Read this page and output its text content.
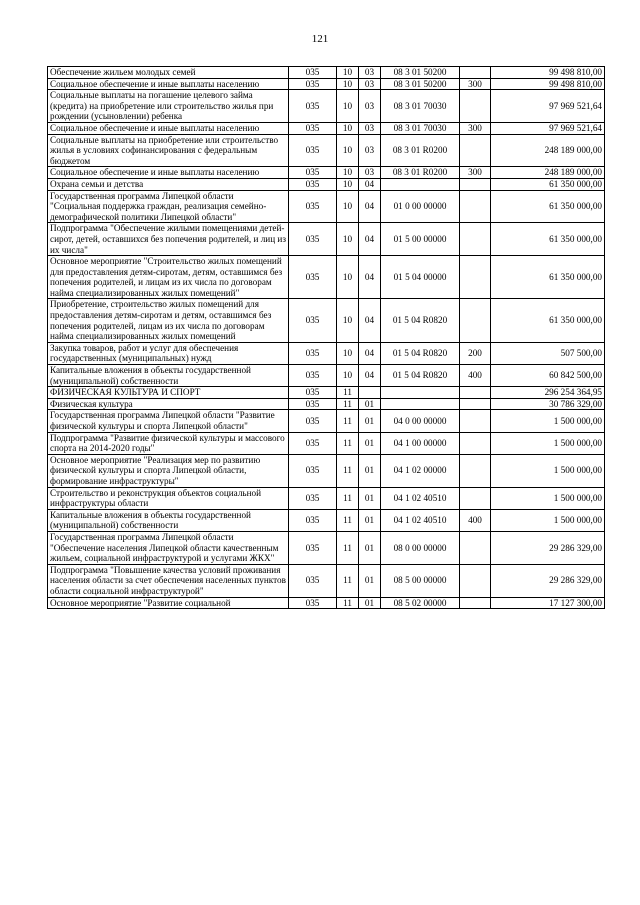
121
Обеспечение жильем молодых семей	035	10	03	08 3 01 50200		99 498 810,00
Социальное обеспечение и иные выплаты населению	035	10	03	08 3 01 50200	300	99 498 810,00
Социальные выплаты на погашение целевого займа (кредита) на приобретение или строительство жилья при рождении (усыновлении) ребенка	035	10	03	08 3 01 70030		97 969 521,64
Социальное обеспечение и иные выплаты населению	035	10	03	08 3 01 70030	300	97 969 521,64
Социальные выплаты на приобретение или строительство жилья в условиях софинансирования с федеральным бюджетом	035	10	03	08 3 01 R0200		248 189 000,00
Социальное обеспечение и иные выплаты населению	035	10	03	08 3 01 R0200	300	248 189 000,00
Охрана семьи и детства	035	10	04			61 350 000,00
Государственная программа Липецкой области "Социальная поддержка граждан, реализация семейно-демографической политики Липецкой области"	035	10	04	01 0 00 00000		61 350 000,00
Подпрограмма "Обеспечение жилыми помещениями детей-сирот, детей, оставшихся без попечения родителей, и лиц из их числа"	035	10	04	01 5 00 00000		61 350 000,00
Основное мероприятие "Строительство жилых помещений для предоставления детям-сиротам, детям, оставшимся без попечения родителей, и лицам из их числа по договорам найма специализированных жилых помещений"	035	10	04	01 5 04 00000		61 350 000,00
Приобретение, строительство жилых помещений для предоставления детям-сиротам и детям, оставшимся без попечения родителей, лицам из их числа по договорам найма специализированных жилых помещений	035	10	04	01 5 04 R0820		61 350 000,00
Закупка товаров, работ и услуг для обеспечения государственных (муниципальных) нужд	035	10	04	01 5 04 R0820	200	507 500,00
Капитальные вложения в объекты государственной (муниципальной) собственности	035	10	04	01 5 04 R0820	400	60 842 500,00
ФИЗИЧЕСКАЯ КУЛЬТУРА И СПОРТ	035	11				296 254 364,95
Физическая культура	035	11	01			30 786 329,00
Государственная программа Липецкой области "Развитие физической культуры и спорта Липецкой области"	035	11	01	04 0 00 00000		1 500 000,00
Подпрограмма "Развитие физической культуры и массового спорта на 2014-2020 годы"	035	11	01	04 1 00 00000		1 500 000,00
Основное мероприятие "Реализация мер по развитию физической культуры и спорта Липецкой области, формирование инфраструктуры"	035	11	01	04 1 02 00000		1 500 000,00
Строительство и реконструкция объектов социальной инфраструктуры области	035	11	01	04 1 02 40510		1 500 000,00
Капитальные вложения в объекты государственной (муниципальной) собственности	035	11	01	04 1 02 40510	400	1 500 000,00
Государственная программа Липецкой области "Обеспечение населения Липецкой области качественным жильем, социальной инфраструктурой и услугами ЖКХ"	035	11	01	08 0 00 00000		29 286 329,00
Подпрограмма "Повышение качества условий проживания населения области за счет обеспечения населенных пунктов области социальной инфраструктурой"	035	11	01	08 5 00 00000		29 286 329,00
Основное мероприятие "Развитие социальной	035	11	01	08 5 02 00000		17 127 300,00
